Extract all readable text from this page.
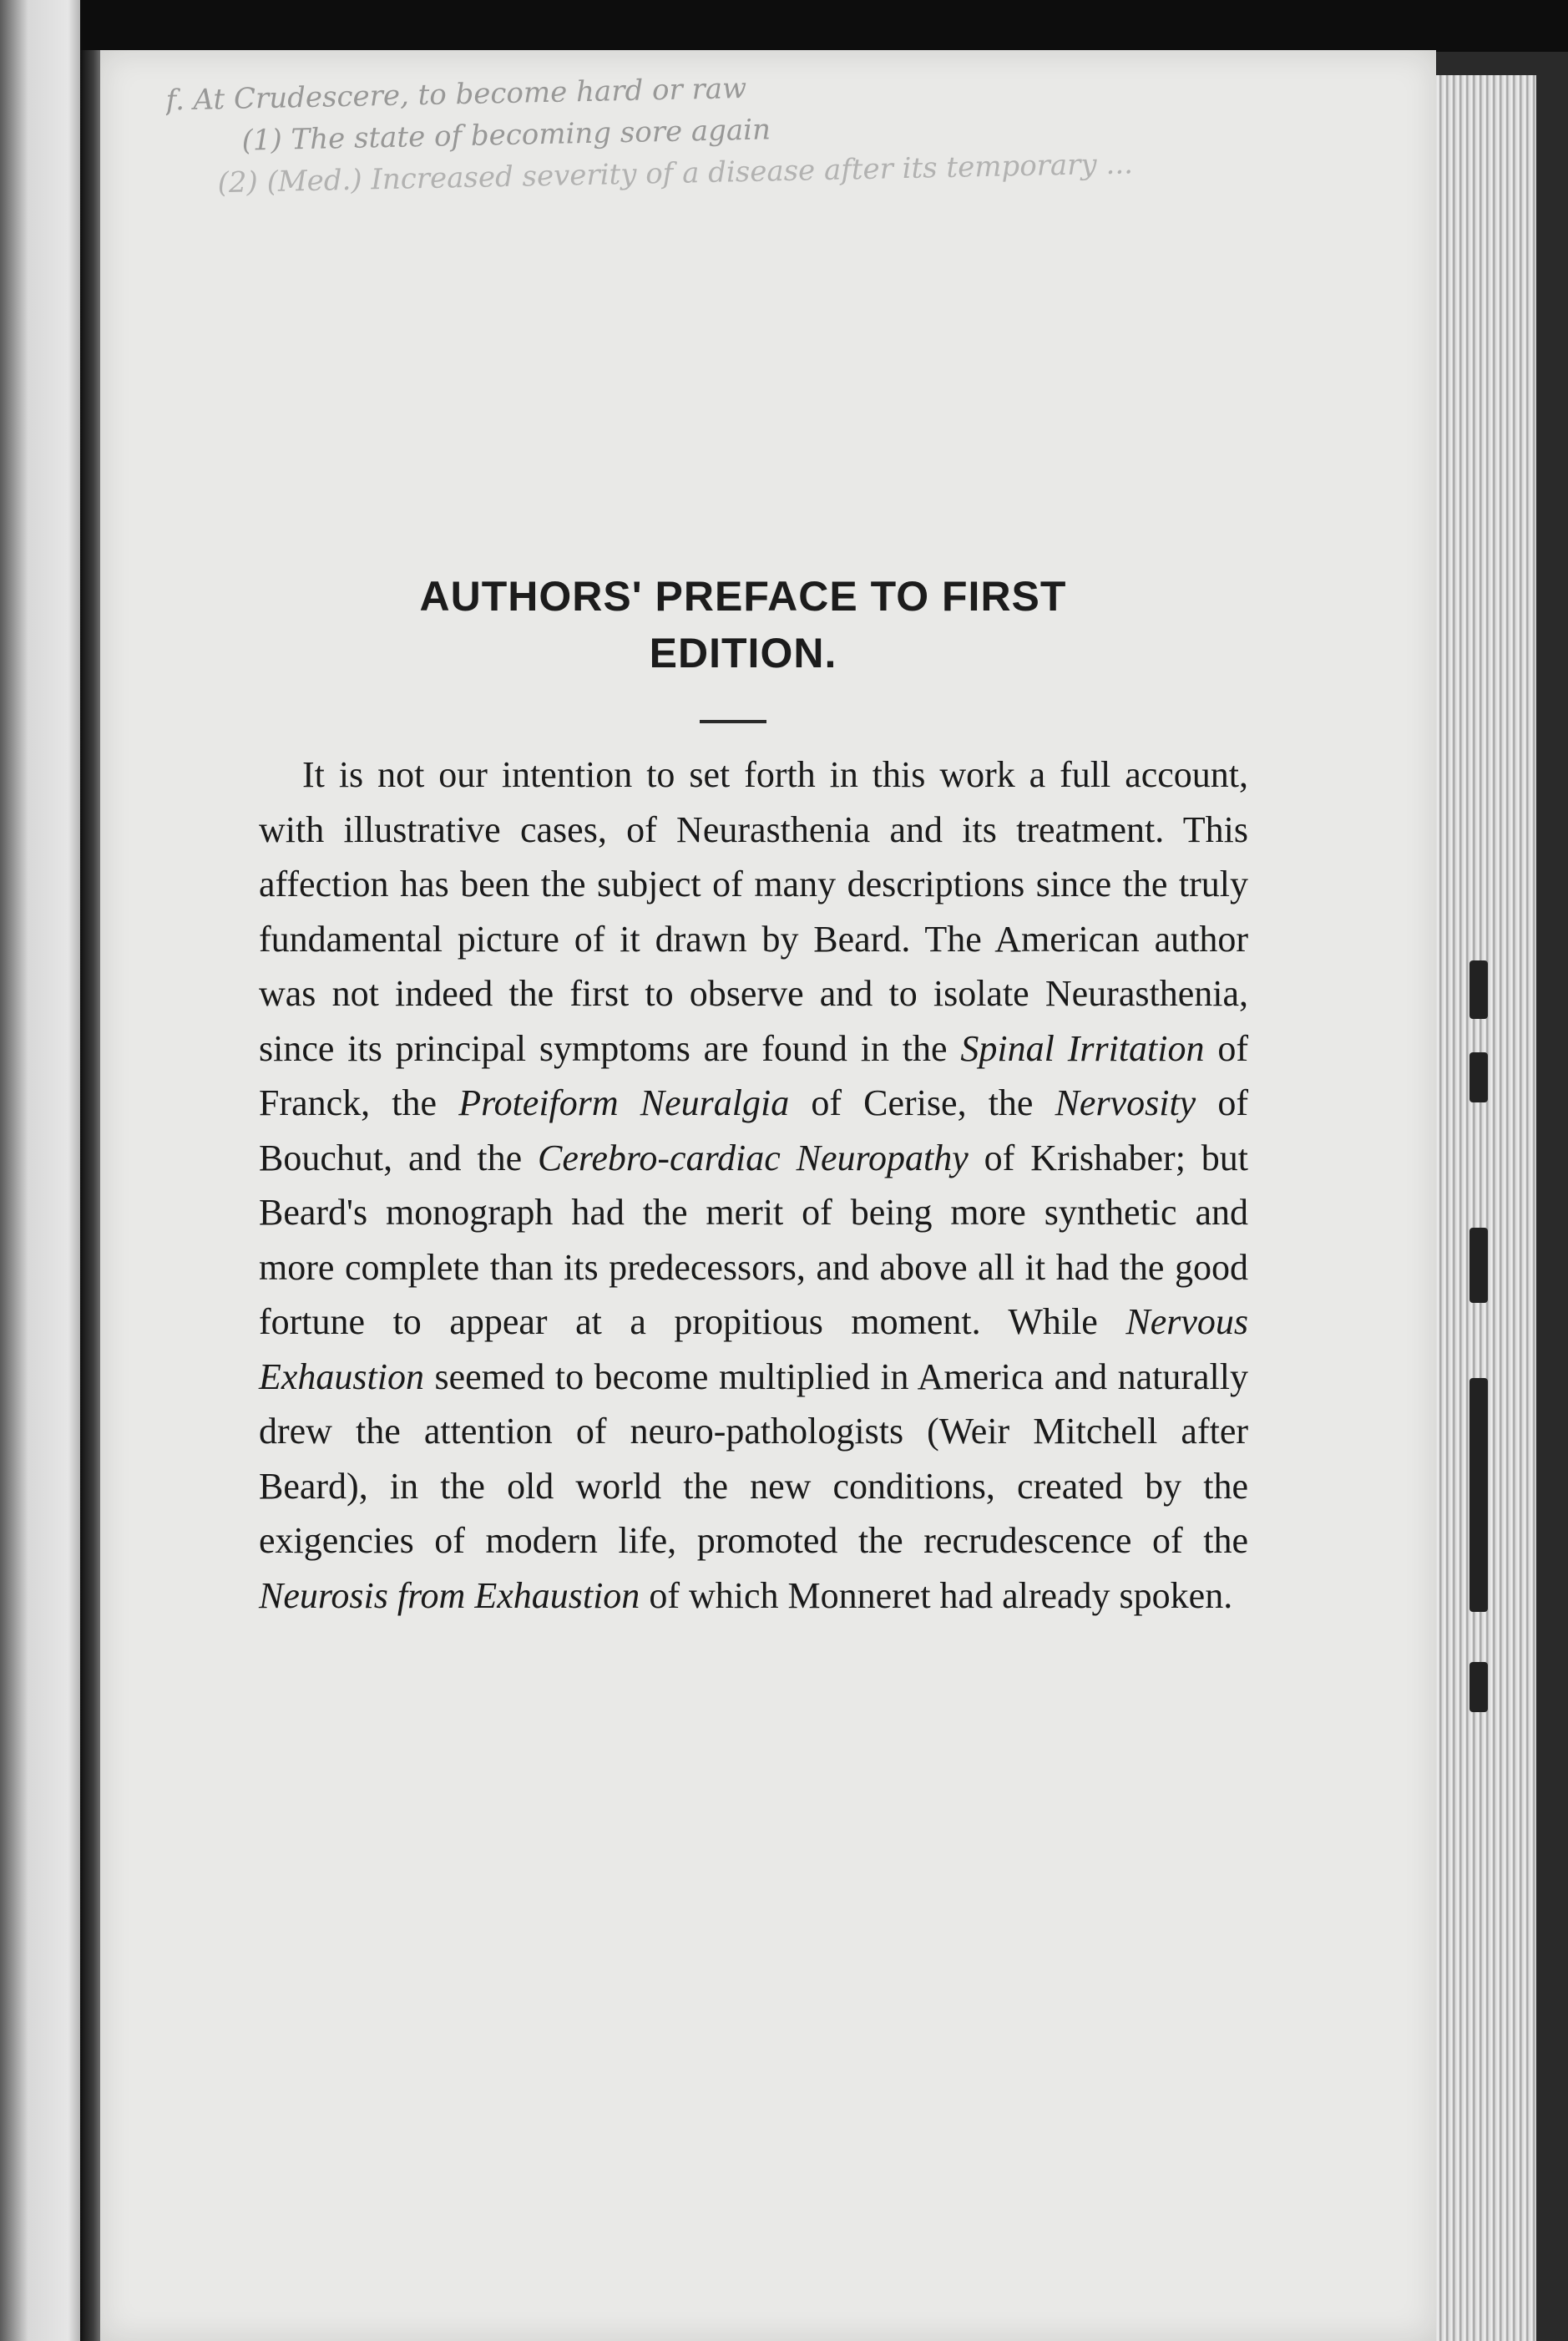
f. At Crudescere, to become hard or raw
(1) The state of becoming sore again
(2) (Med.) Increased severity of a disease after its temporary ...
AUTHORS' PREFACE TO FIRST
EDITION.

It is not our intention to set forth in this work a full account, with illustrative cases, of Neurasthenia and its treatment. This affection has been the subject of many descriptions since the truly fundamental picture of it drawn by Beard. The American author was not indeed the first to observe and to isolate Neurasthenia, since its principal symptoms are found in the Spinal Irritation of Franck, the Proteiform Neuralgia of Cerise, the Nervosity of Bouchut, and the Cerebro-cardiac Neuropathy of Krishaber; but Beard's monograph had the merit of being more synthetic and more complete than its predecessors, and above all it had the good fortune to appear at a propitious moment. While Nervous Exhaustion seemed to become multiplied in America and naturally drew the attention of neuro-pathologists (Weir Mitchell after Beard), in the old world the new conditions, created by the exigencies of modern life, promoted the recrudescence of the Neurosis from Exhaustion of which Monneret had already spoken.
